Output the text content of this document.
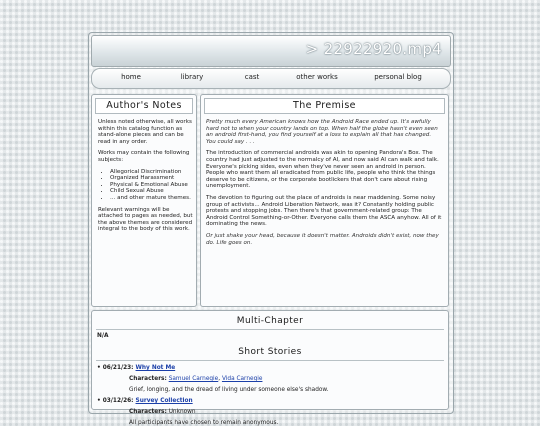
> 22922920.mp4
home	library	cast	other works	personal blog
Author's Notes

Unless noted otherwise, all works within this catalog function as stand-alone pieces and can be read in any order.

Works may contain the following subjects:

• Allegorical Discrimination
• Organized Harassment
• Physical & Emotional Abuse
• Child Sexual Abuse
• ... and other mature themes.

Relevant warnings will be attached to pages as needed, but the above themes are considered integral to the body of this work.

The Premise

Pretty much every American knows how the Android Race ended up. It's awfully hard not to when your country lands on top. When half the globe hasn't even seen an android first-hand, you find yourself at a loss to explain all that has changed. You could say . . .

The introduction of commercial androids was akin to opening Pandora's Box. The country had just adjusted to the normalcy of AI, and now said AI can walk and talk. Everyone's picking sides, even when they've never seen an android in person. People who want them all eradicated from public life, people who think the things deserve to be citizens, or the corporate bootlickers that don't care about rising unemployment.

The devotion to figuring out the place of androids is near maddening. Some noisy group of activists... Android Liberation Network, was it? Constantly holding public protests and stopping jobs. Then there's that government-related group: The Android Control Something-or-Other. Everyone calls them the ASCA anyhow. All of it dominating the news.

Or just shake your head, because it doesn't matter. Androids didn't exist, now they do. Life goes on.

Multi-Chapter
N/A
Short Stories
• 06/21/23: Why Not Me
Characters: Samuel Carnegie, Vida Carnegie
Grief, longing, and the dread of living under someone else's shadow.
• 03/12/26: Survey Collection
Characters: Unknown
All participants have chosen to remain anonymous.
